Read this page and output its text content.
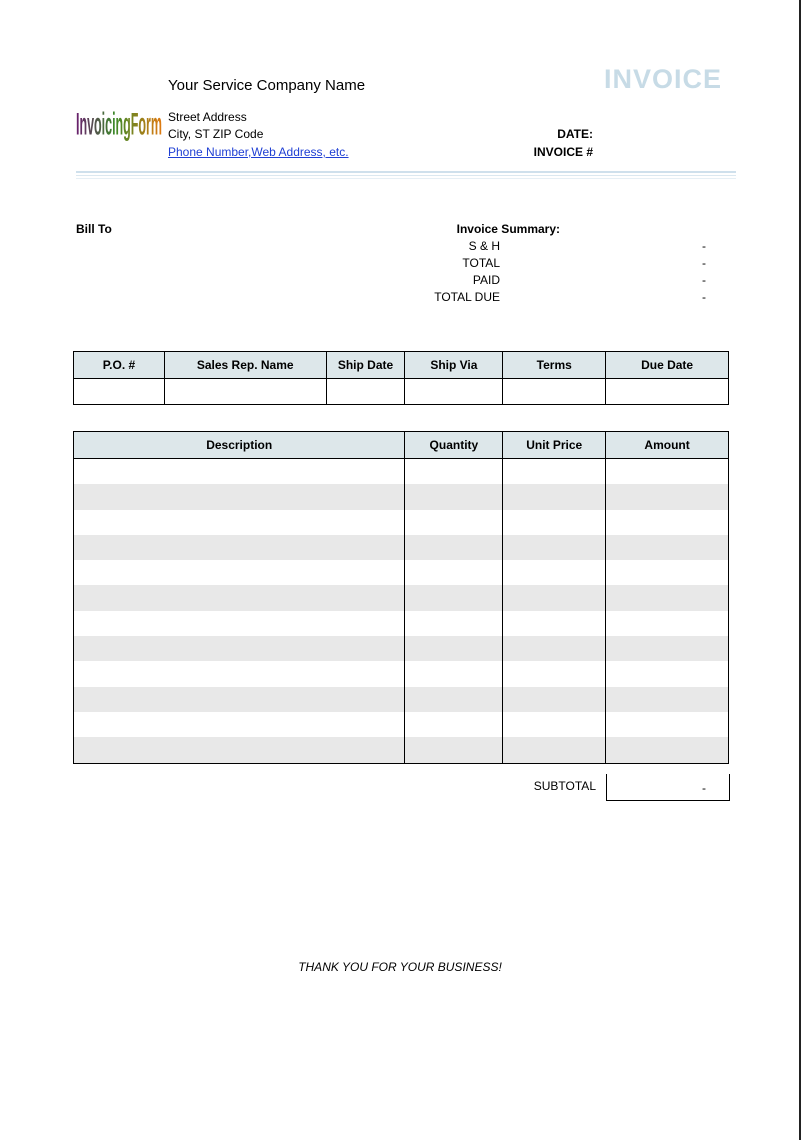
InvoicingForm
Your Service Company Name
Street Address
City, ST ZIP Code
Phone Number,Web Address, etc.
INVOICE
DATE:
INVOICE #
Bill To	Invoice Summary:
S & H	-
TOTAL	-
PAID	-
TOTAL DUE	-
P.O. #	Sales Rep. Name	Ship Date	Ship Via	Terms	Due Date

Description	Quantity	Unit Price	Amount

SUBTOTAL	-
THANK YOU FOR YOUR BUSINESS!
